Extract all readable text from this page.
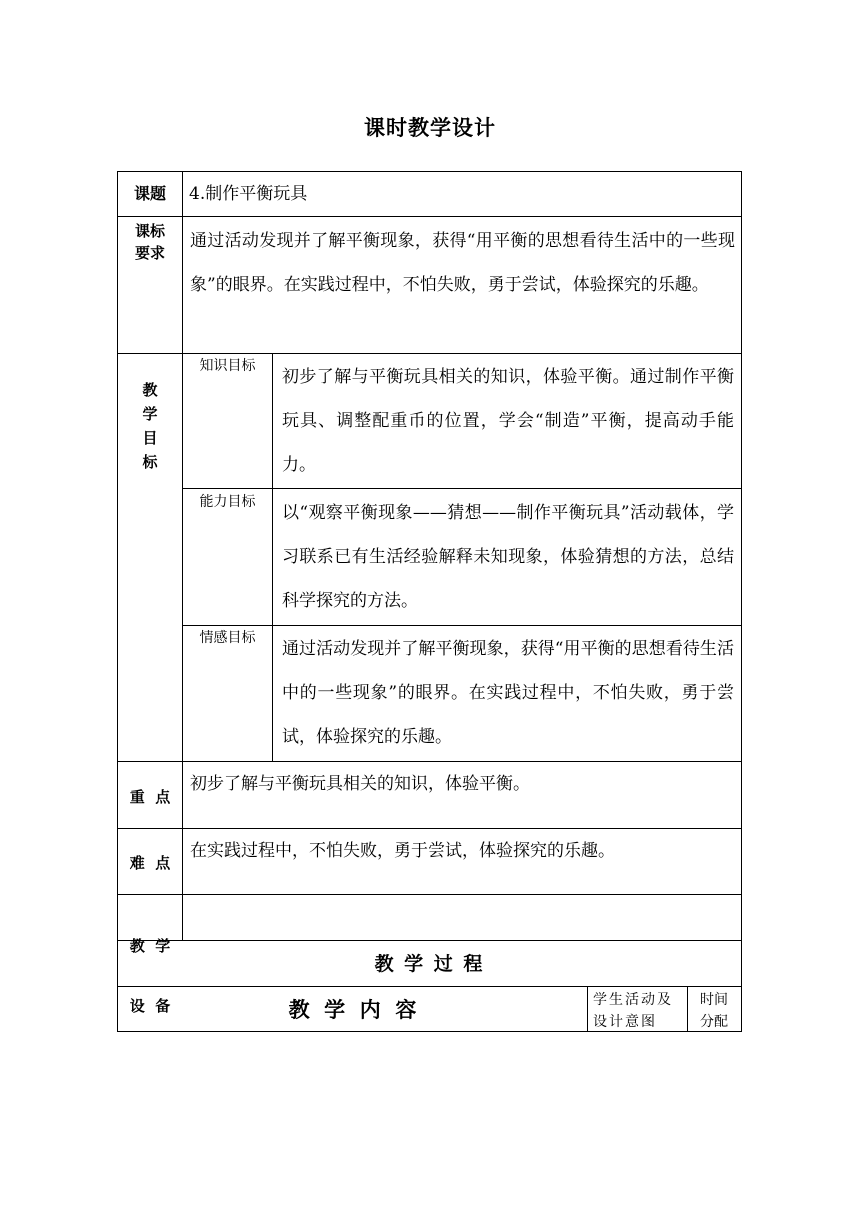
课时教学设计
课题	4.制作平衡玩具
课标
要求
通过活动发现并了解平衡现象，获得“用平衡的思想看待生活中的一些现象”的眼界。在实践过程中，不怕失败，勇于尝试，体验探究的乐趣。
教
学
目
标
知识目标
初步了解与平衡玩具相关的知识，体验平衡。通过制作平衡玩具、调整配重币的位置，学会“制造”平衡，提高动手能力。
能力目标
以“观察平衡现象——猜想——制作平衡玩具”活动载体，学习联系已有生活经验解释未知现象，体验猜想的方法，总结科学探究的方法。
情感目标
通过活动发现并了解平衡现象，获得“用平衡的思想看待生活中的一些现象”的眼界。在实践过程中，不怕失败，勇于尝试，体验探究的乐趣。
重  点
初步了解与平衡玩具相关的知识，体验平衡。
难  点
在实践过程中，不怕失败，勇于尝试，体验探究的乐趣。

教  学

设  备

教 学 过 程
教  学  内  容	学生活动及设计意图
时间分配
